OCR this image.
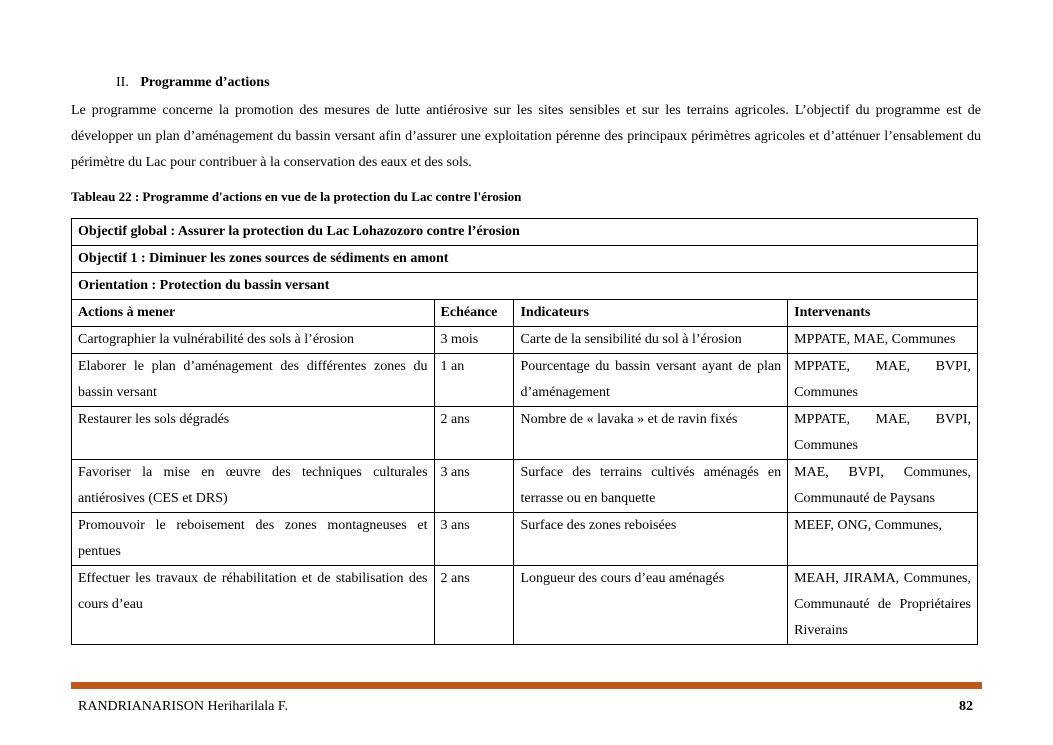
II. Programme d’actions

Le programme concerne la promotion des mesures de lutte antiérosive sur les sites sensibles et sur les terrains agricoles. L’objectif du programme est de développer un plan d’aménagement du bassin versant afin d’assurer une exploitation pérenne des principaux périmètres agricoles et d’atténuer l’ensablement du périmètre du Lac pour contribuer à la conservation des eaux et des sols.

Tableau 22 : Programme d'actions en vue de la protection du Lac contre l'érosion
Objectif global : Assurer la protection du Lac Lohazozoro contre l’érosion			
Objectif 1 : Diminuer les zones sources de sédiments en amont			
Orientation : Protection du bassin versant			
Actions à mener	Echéance	Indicateurs	Intervenants
Cartographier la vulnérabilité des sols à l’érosion	3 mois	Carte de la sensibilité du sol à l’érosion	MPPATE, MAE, Communes
Elaborer le plan d’aménagement des différentes zones du bassin versant	1 an	Pourcentage du bassin versant ayant de plan d’aménagement	MPPATE, MAE, BVPI, Communes
Restaurer les sols dégradés	2 ans	Nombre de « lavaka » et de ravin fixés	MPPATE, MAE, BVPI, Communes
Favoriser la mise en œuvre des techniques culturales antiérosives (CES et DRS)	3 ans	Surface des terrains cultivés aménagés en terrasse ou en banquette	MAE, BVPI, Communes, Communauté de Paysans
Promouvoir le reboisement des zones montagneuses et pentues	3 ans	Surface des zones reboisées	MEEF, ONG, Communes,
Effectuer les travaux de réhabilitation et de stabilisation des cours d’eau	2 ans	Longueur des cours d’eau aménagés	MEAH, JIRAMA, Communes, Communauté de Propriétaires Riverains
RANDRIANARISON Heriharilala F.	82
